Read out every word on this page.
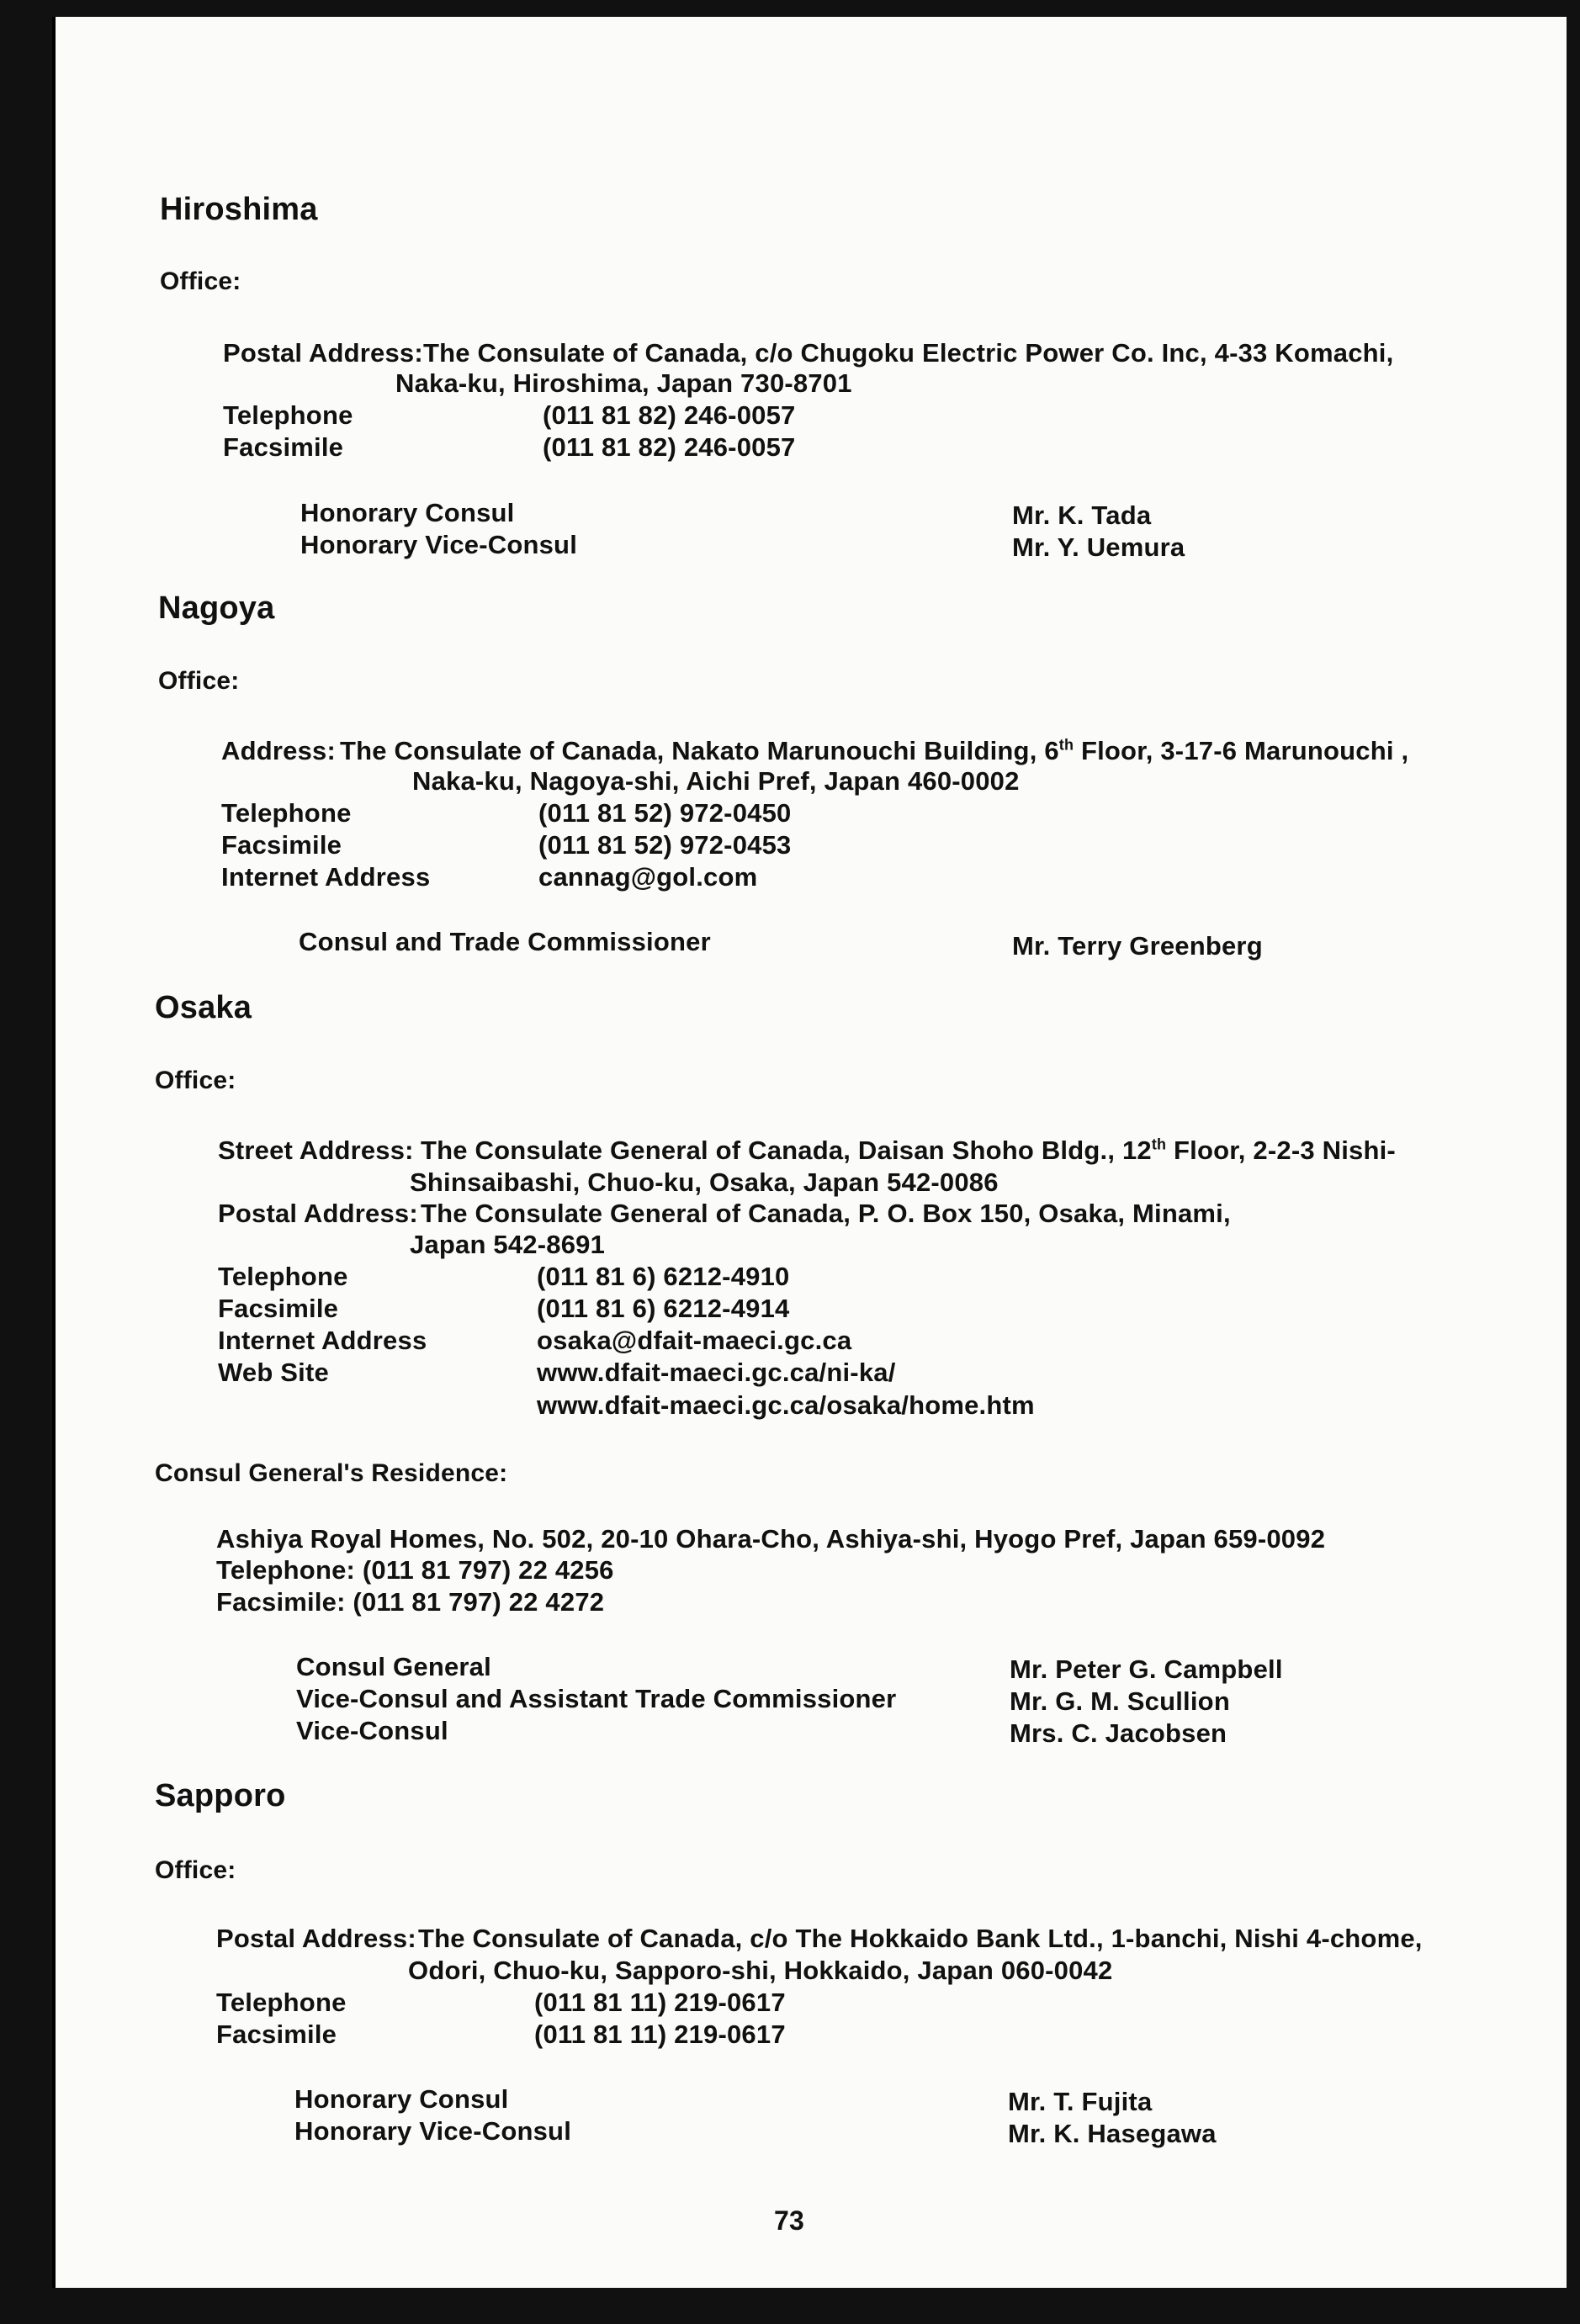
Hiroshima
Office:
Postal Address: The Consulate of Canada, c/o Chugoku Electric Power Co. Inc, 4-33 Komachi,
Naka-ku, Hiroshima, Japan 730-8701
Telephone	(011 81 82) 246-0057
Facsimile	(011 81 82) 246-0057
Honorary Consul	Mr. K. Tada
Honorary Vice-Consul	Mr. Y. Uemura
Nagoya
Office:
Address: The Consulate of Canada, Nakato Marunouchi Building, 6th Floor, 3-17-6 Marunouchi ,
Naka-ku, Nagoya-shi, Aichi Pref, Japan 460-0002
Telephone	(011 81 52) 972-0450
Facsimile	(011 81 52) 972-0453
Internet Address	cannag@gol.com
Consul and Trade Commissioner	Mr. Terry Greenberg
Osaka
Office:
Street Address: The Consulate General of Canada, Daisan Shoho Bldg., 12th Floor, 2-2-3 Nishi-
Shinsaibashi, Chuo-ku, Osaka, Japan 542-0086
Postal Address: The Consulate General of Canada, P. O. Box 150, Osaka, Minami,
Japan 542-8691
Telephone	(011 81 6) 6212-4910
Facsimile	(011 81 6) 6212-4914
Internet Address	osaka@dfait-maeci.gc.ca
Web Site	www.dfait-maeci.gc.ca/ni-ka/
www.dfait-maeci.gc.ca/osaka/home.htm
Consul General's Residence:
Ashiya Royal Homes, No. 502, 20-10 Ohara-Cho, Ashiya-shi, Hyogo Pref, Japan 659-0092
Telephone: (011 81 797) 22 4256
Facsimile: (011 81 797) 22 4272
Consul General	Mr. Peter G. Campbell
Vice-Consul and Assistant Trade Commissioner	Mr. G. M. Scullion
Vice-Consul	Mrs. C. Jacobsen
Sapporo
Office:
Postal Address: The Consulate of Canada, c/o The Hokkaido Bank Ltd., 1-banchi, Nishi 4-chome,
Odori, Chuo-ku, Sapporo-shi, Hokkaido, Japan 060-0042
Telephone	(011 81 11) 219-0617
Facsimile	(011 81 11) 219-0617
Honorary Consul	Mr. T. Fujita
Honorary Vice-Consul	Mr. K. Hasegawa
73
